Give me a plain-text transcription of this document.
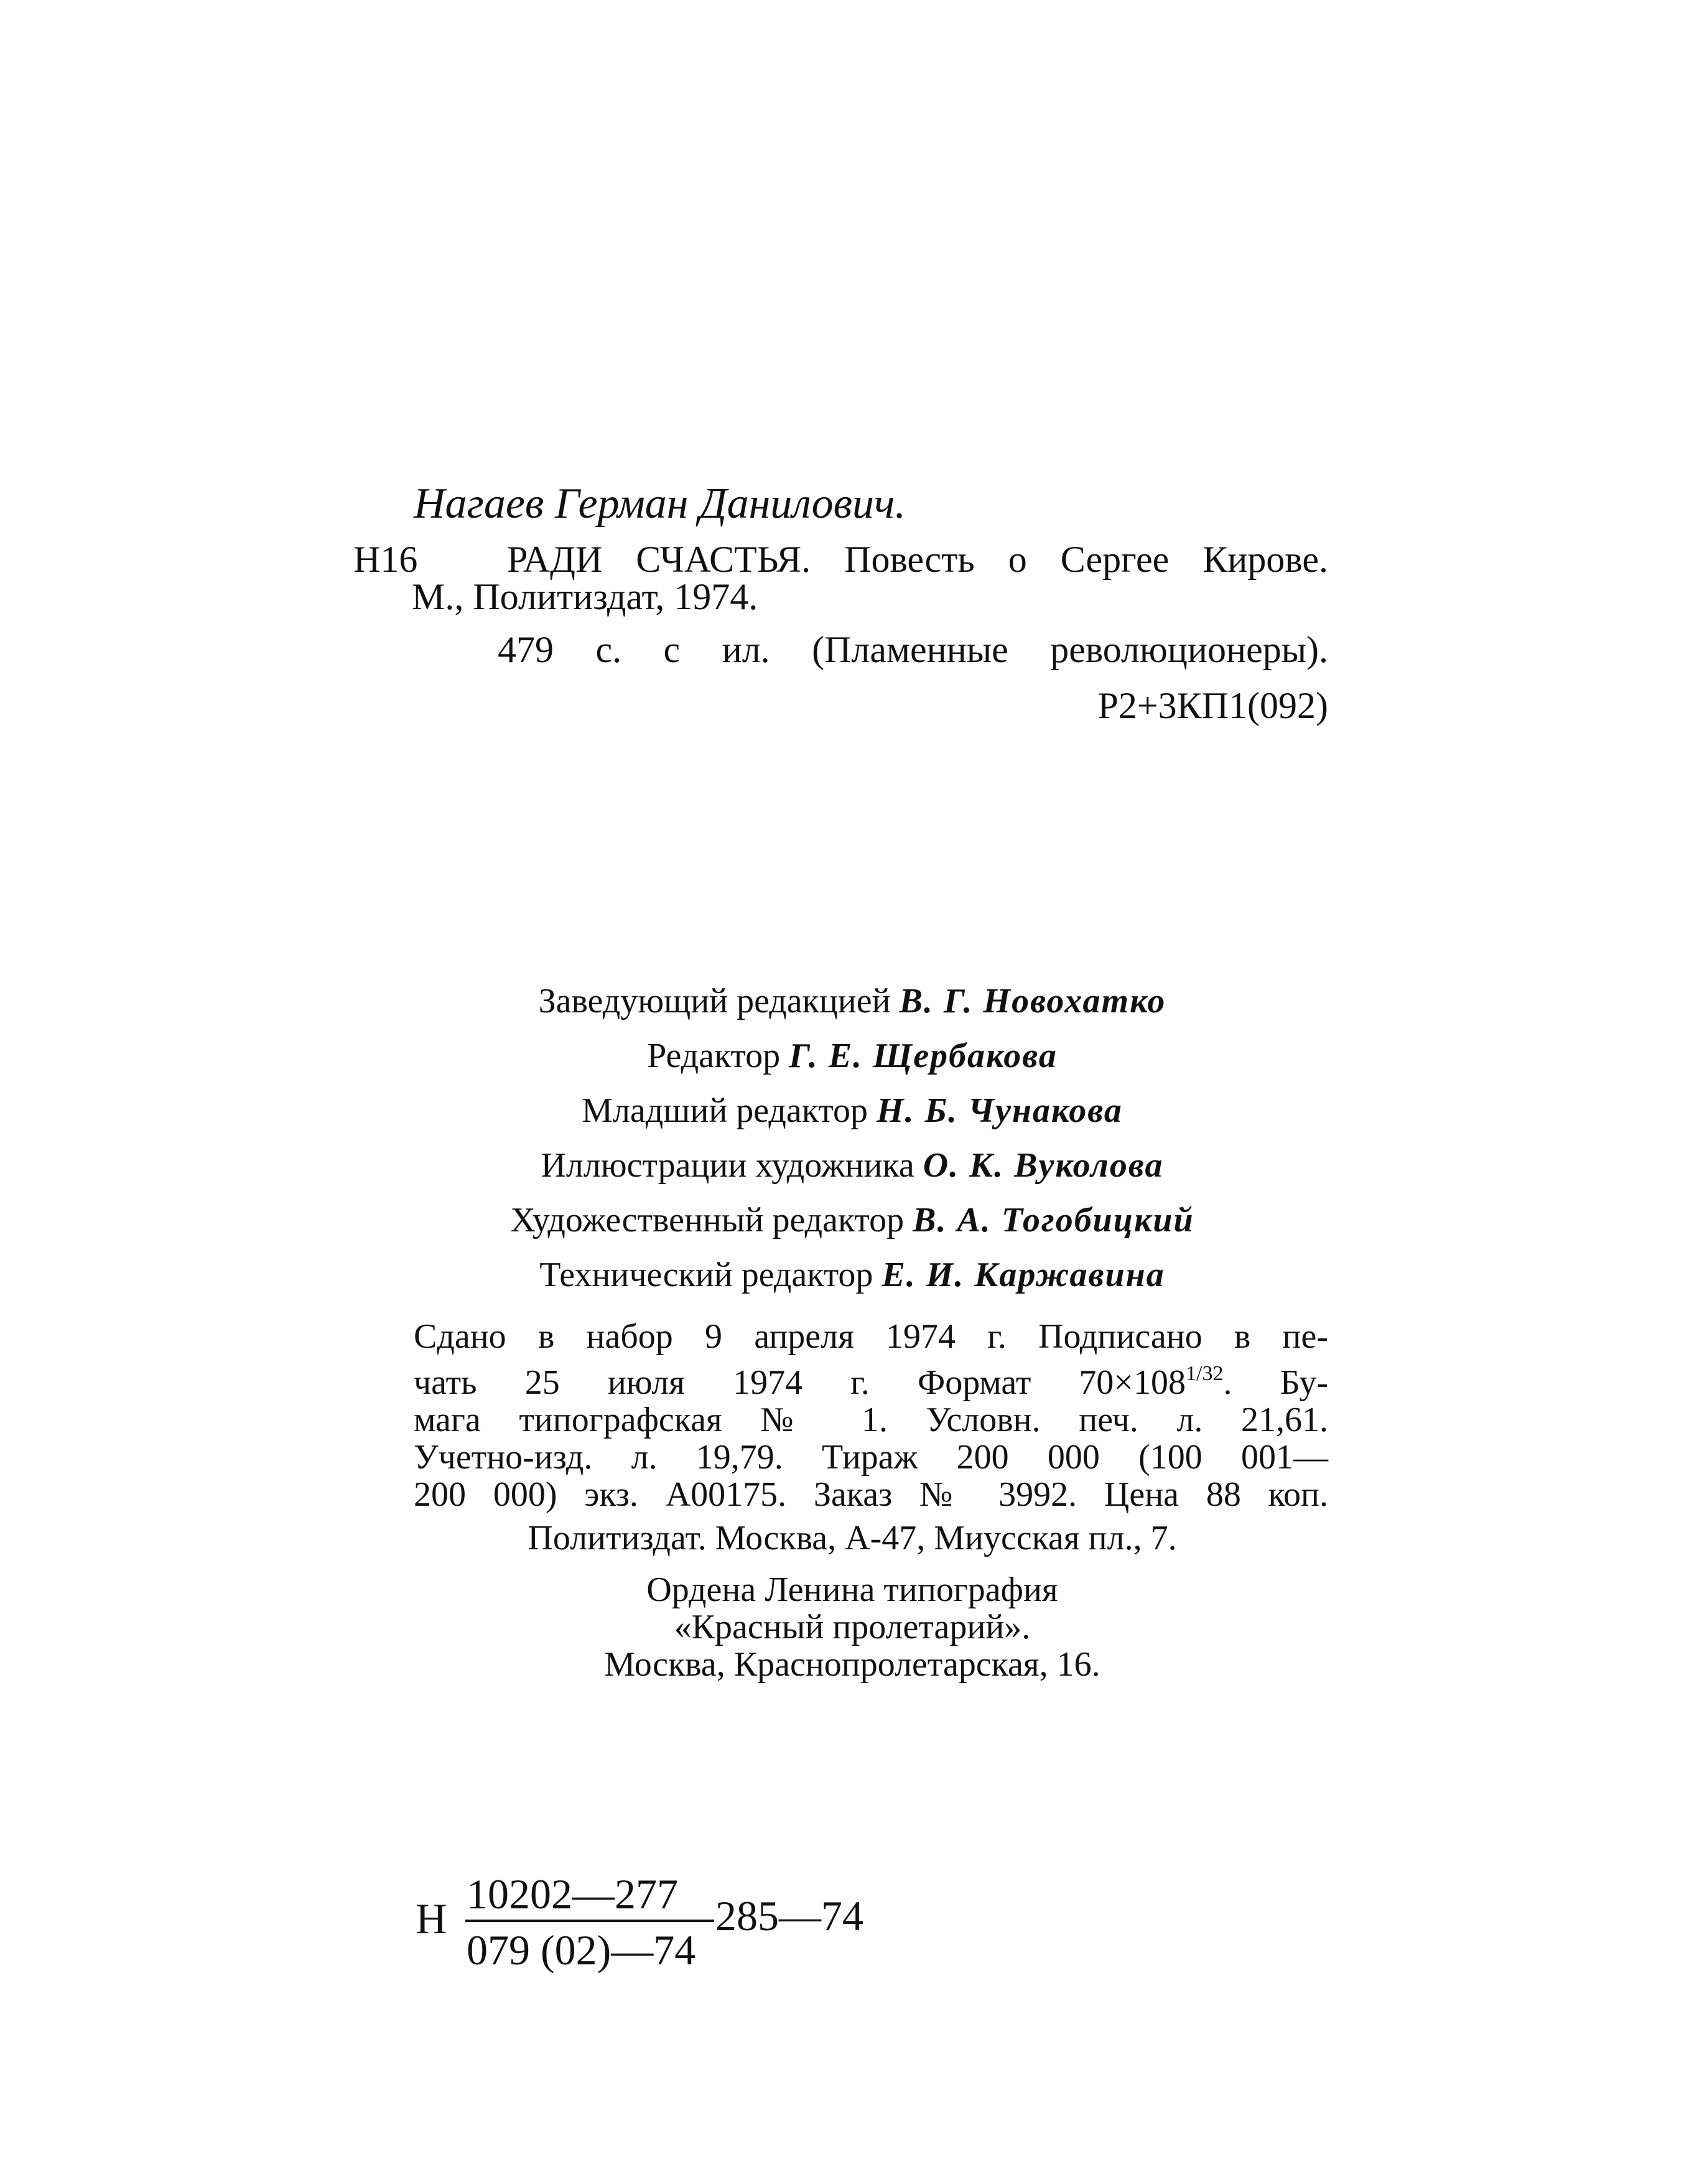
Нагаев Герман Данилович.
Н16 РАДИ СЧАСТЬЯ. Повесть о Сергее Кирове.
М., Политиздат, 1974.
479 с. с ил. (Пламенные революционеры).
Р2+3КП1(092)
Заведующий редакцией В. Г. Новохатко
Редактор Г. Е. Щербакова
Младший редактор Н. Б. Чунакова
Иллюстрации художника О. К. Вуколова
Художественный редактор В. А. Тогобицкий
Технический редактор Е. И. Каржавина
Сдано в набор 9 апреля 1974 г. Подписано в пе-
чать 25 июля 1974 г. Формат $70\times 108^{1/32}$. Бу-
мага типографская № 1. Условн. печ. л. 21,61.
Учетно-изд. л. 19,79. Тираж 200 000 (100 001—
200 000) экз. А00175. Заказ № 3992. Цена 88 коп.
Политиздат. Москва, А-47, Миусская пл., 7.
Ордена Ленина типография
«Красный пролетарий».
Москва, Краснопролетарская, 16.
Н
10202—277
079 (02)—74
285—74
